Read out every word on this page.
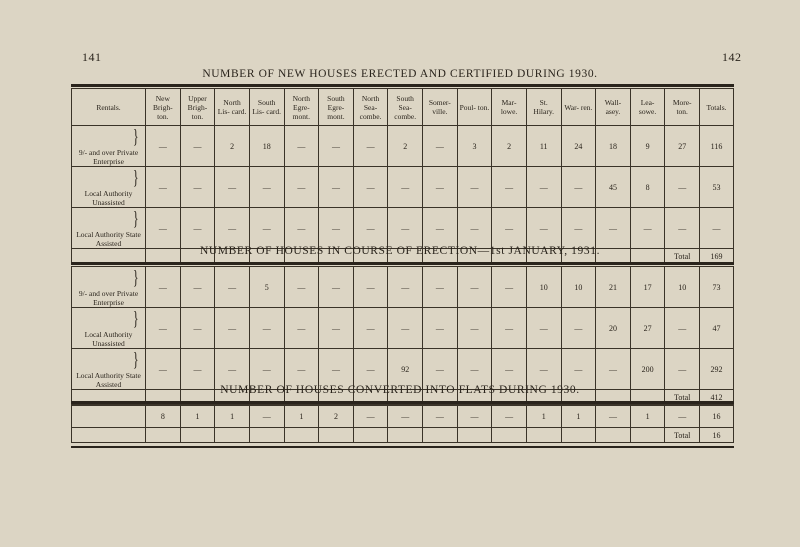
141	142
NUMBER OF NEW HOUSES ERECTED AND CERTIFIED DURING 1930.
Rentals.	New Brigh- ton.	Upper Brigh- ton.	North Lis- card.	South Lis- card.	North Egre- mont.	South Egre- mont.	North Sea- combe.	South Sea- combe.	Somer- ville.	Poul- ton.	Mar- lowe.	St. Hilary.	War- ren.	Wall- asey.	Lea- sowe.	More- ton.	Totals.

}
9/- and over Private Enterprise	—	—	2	18	—	—	—	2	—	3	2	11	24	18	9	27	116

}
Local Authority Unassisted	—	—	—	—	—	—	—	—	—	—	—	—	—	45	8	—	53

}
Local Authority State Assisted	—	—	—	—	—	—	—	—	—	—	—	—	—	—	—	—	—
																Total	169
NUMBER OF HOUSES IN COURSE OF ERECTION—1st JANUARY, 1931.
}
9/- and over Private Enterprise	—	—	—	5	—	—	—	—	—	—	—	10	10	21	17	10	73

}
Local Authority Unassisted	—	—	—	—	—	—	—	—	—	—	—	—	—	20	27	—	47

}
Local Authority State Assisted	—	—	—	—	—	—	—	92	—	—	—	—	—	—	200	—	292
																Total	412
NUMBER OF HOUSES CONVERTED INTO FLATS DURING 1930.
	8	1	1	—	1	2	—	—	—	—	—	1	1	—	1	—	16
																Total	16
